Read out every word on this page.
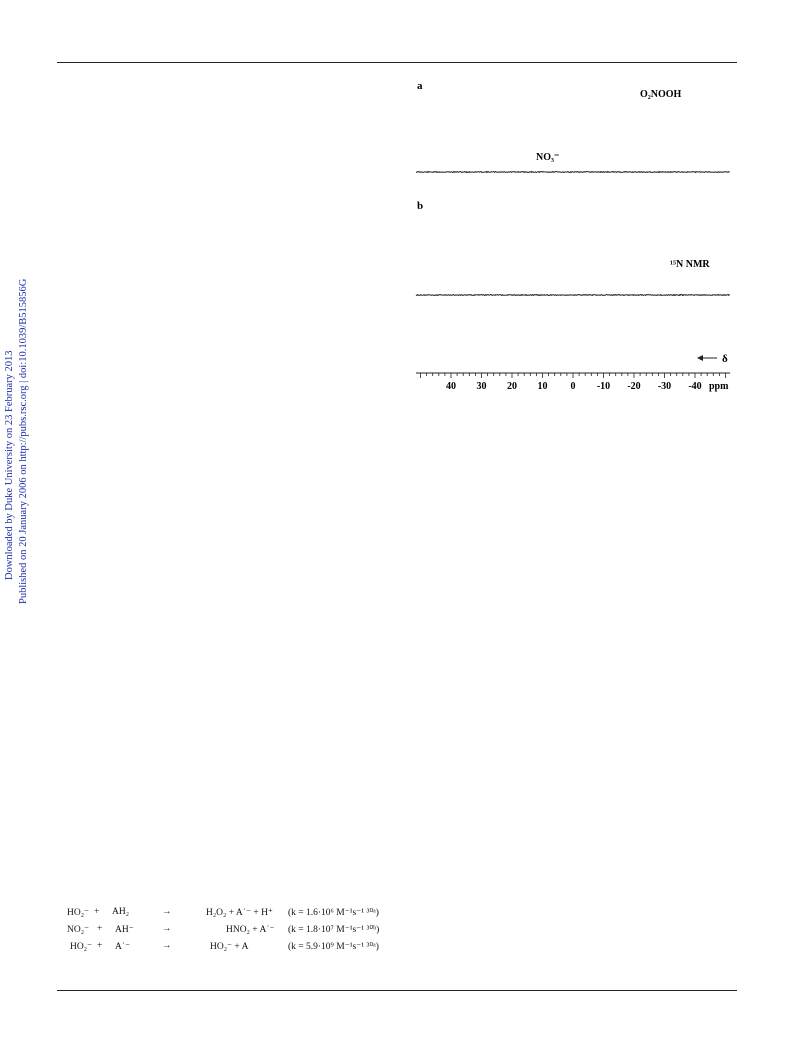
Downloaded by Duke University on 23 February 2013 Published on 20 January 2006 on http://pubs.rsc.org | doi:10.1039/B515856G
a
O₂NOOH
NO₃⁻
b
¹⁵N NMR
δ
40 30 20 10 0 -10 -20 -30 -40 ppm
HO₂⁻ + AH₂	→	H₂O₂ + A˙⁻ + H⁺ (k = 1.6·10⁶ M⁻¹s⁻¹ ³⁰ᵃ)
NO₂⁻ + AH⁻	→	HNO₂ + A˙⁻ (k = 1.8·10⁷ M⁻¹s⁻¹ ³⁰ᵇ)
HO₂⁻ + A˙⁻	→	HO₂⁻ + A	(k = 5.9·10⁹ M⁻¹s⁻¹ ³⁰ᵃ)
